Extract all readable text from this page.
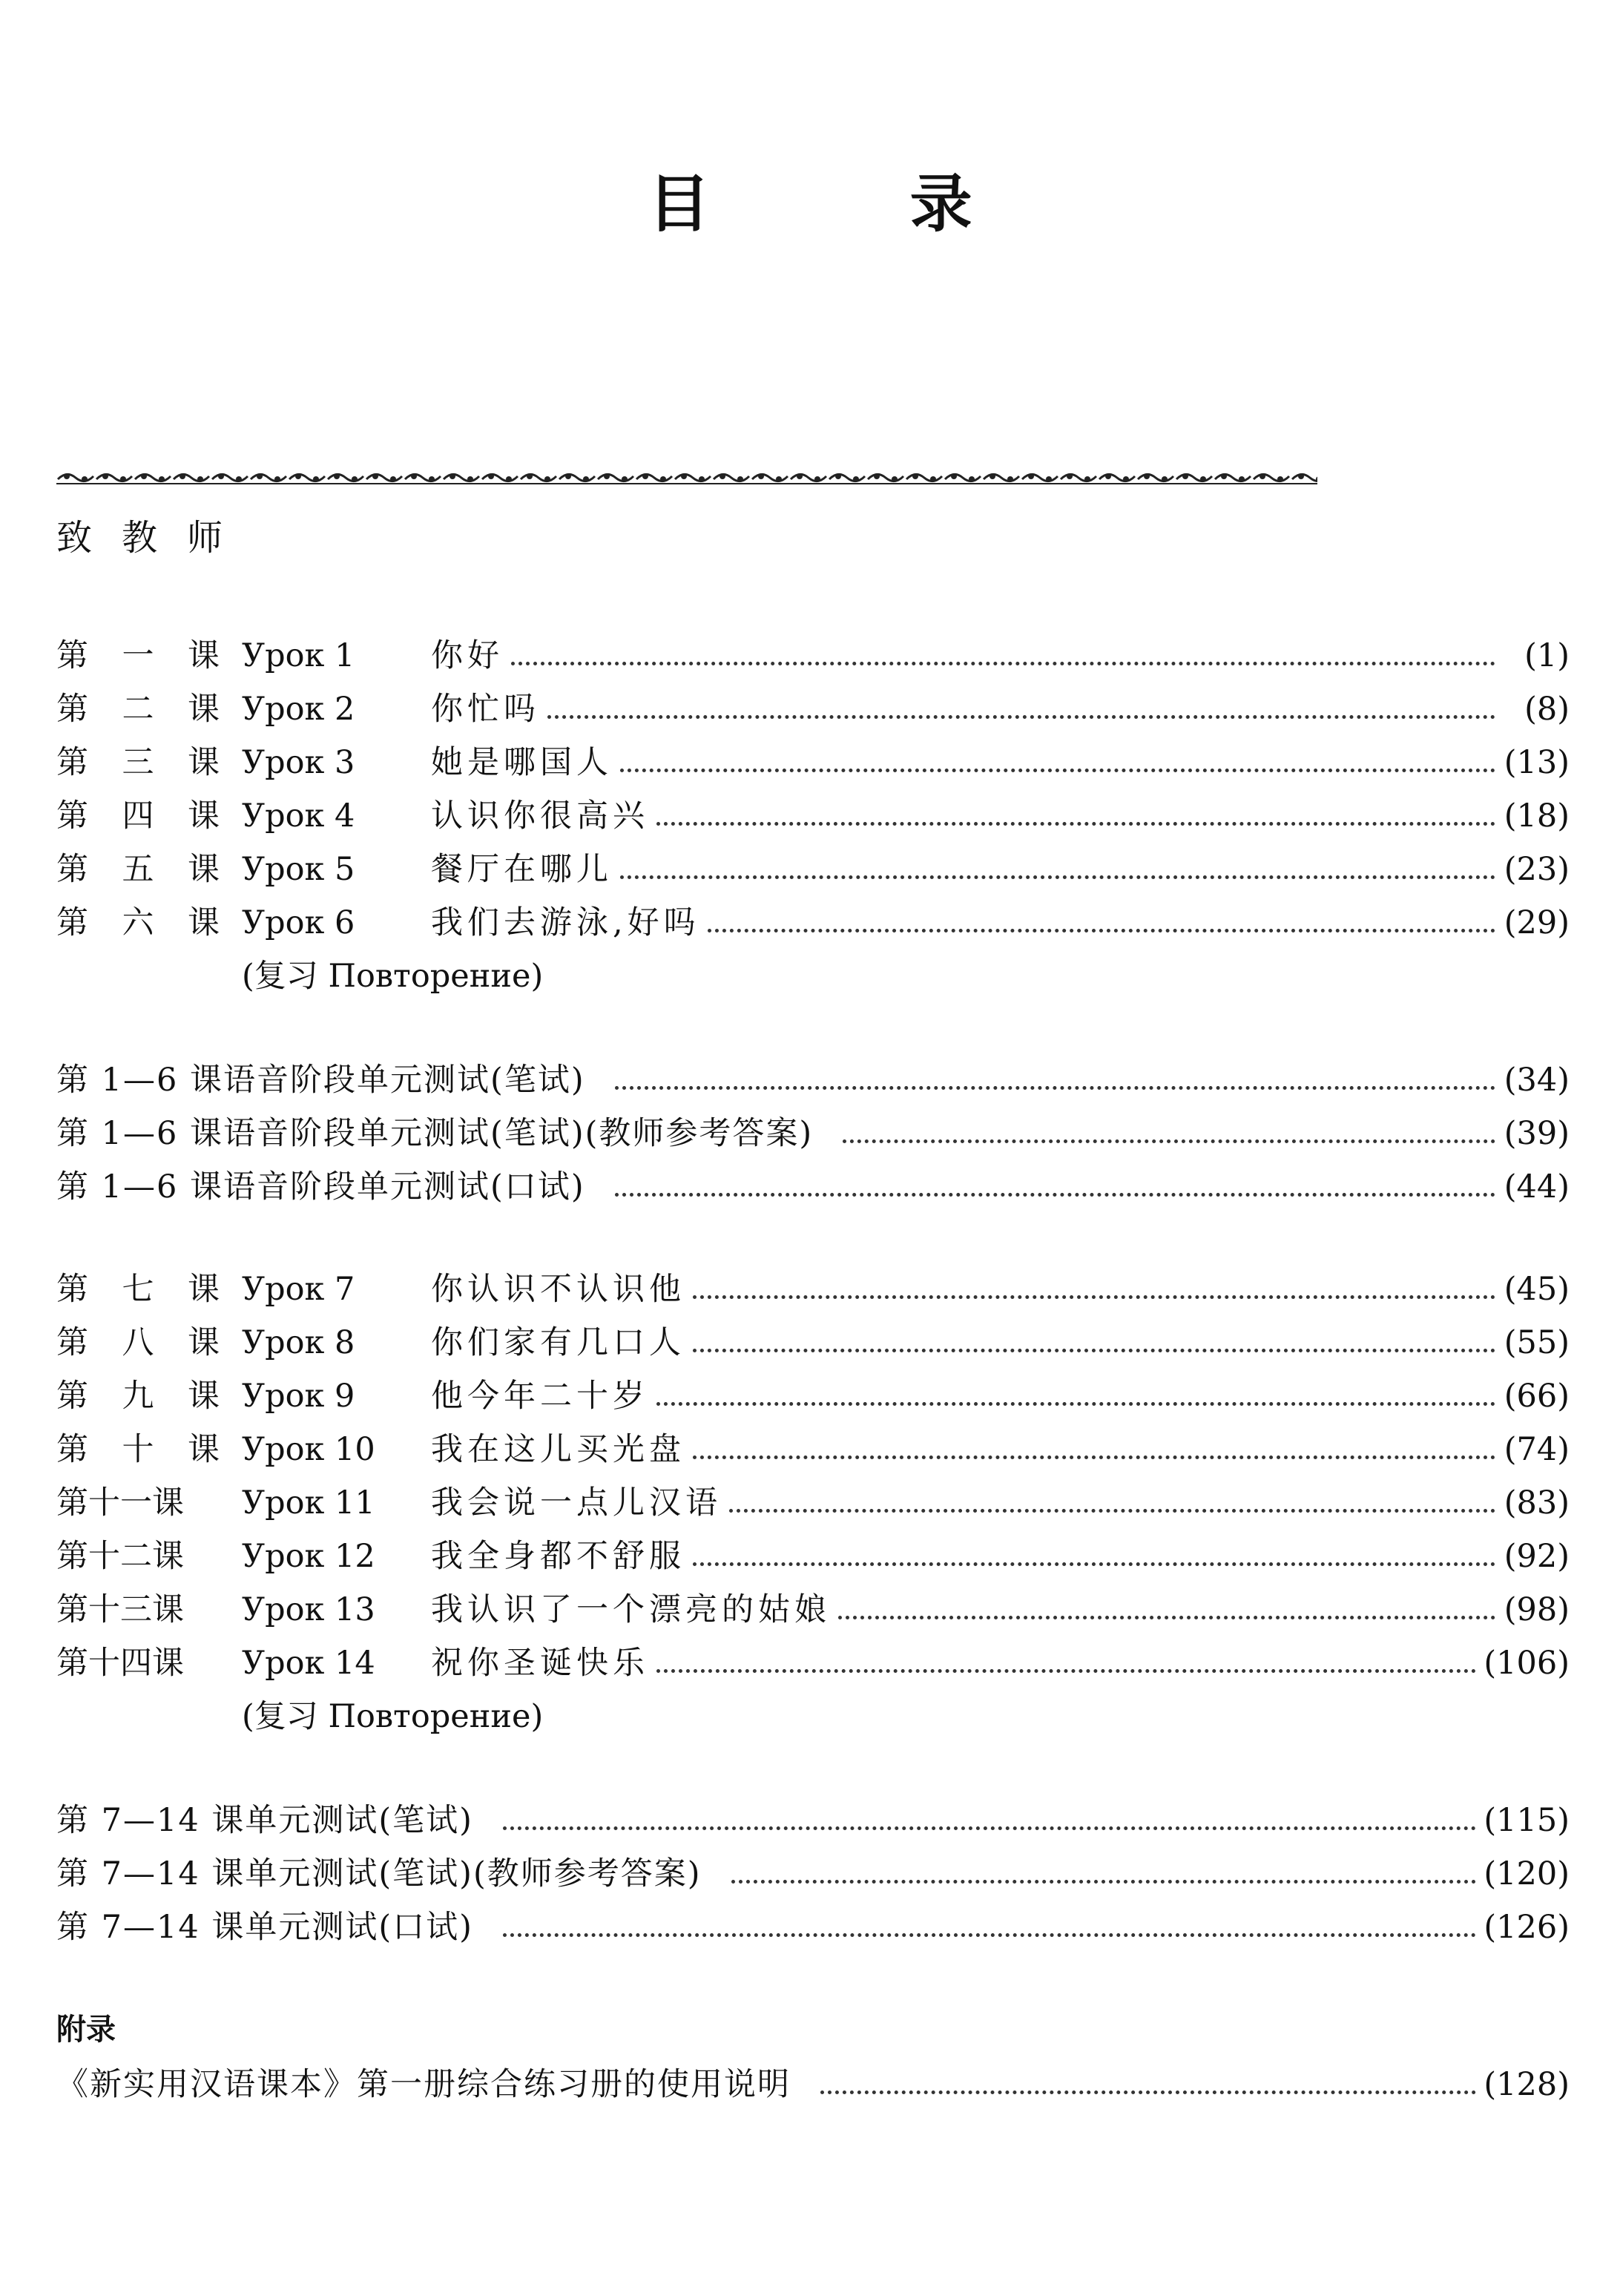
目 录
致教师
第 一 课 Урок 1	你好	(1)
第 二 课 Урок 2	你忙吗	(8)
第 三 课 Урок 3	她是哪国人	(13)
第 四 课 Урок 4	认识你很高兴	(18)
第 五 课 Урок 5	餐厅在哪儿	(23)
第 六 课 Урок 6	我们去游泳,好吗	(29)
(复习 Повторение)
第 1—6 课语音阶段单元测试(笔试)	(34)
第 1—6 课语音阶段单元测试(笔试)(教师参考答案)	(39)
第 1—6 课语音阶段单元测试(口试)	(44)
第 七 课 Урок 7	你认识不认识他	(45)
第 八 课 Урок 8	你们家有几口人	(55)
第 九 课 Урок 9	他今年二十岁	(66)
第 十 课 Урок 10	我在这儿买光盘	(74)
第十一课 Урок 11	我会说一点儿汉语	(83)
第十二课 Урок 12	我全身都不舒服	(92)
第十三课 Урок 13	我认识了一个漂亮的姑娘	(98)
第十四课 Урок 14	祝你圣诞快乐	(106)
(复习 Повторение)
第 7—14 课单元测试(笔试)	(115)
第 7—14 课单元测试(笔试)(教师参考答案)	(120)
第 7—14 课单元测试(口试)	(126)
附录
《新实用汉语课本》第一册综合练习册的使用说明	(128)
